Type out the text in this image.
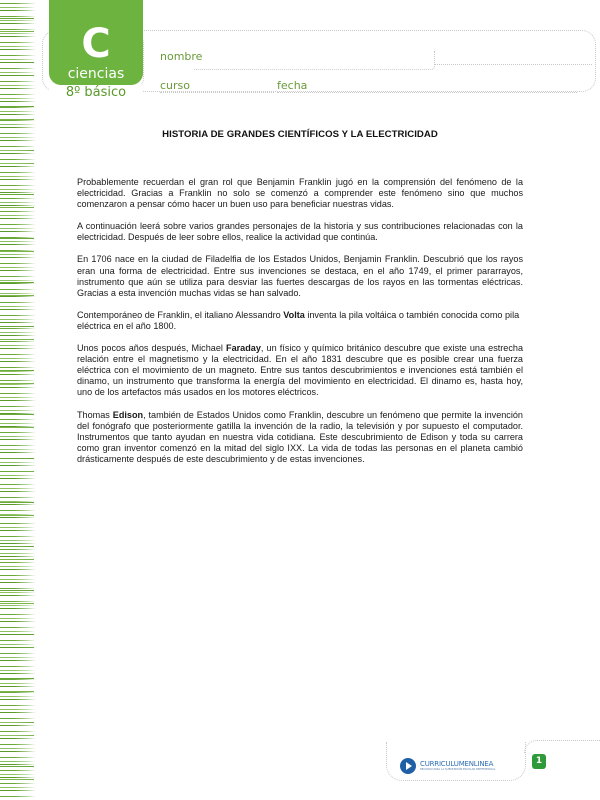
C
ciencias
8º básico
nombre
curso	fecha
HISTORIA DE GRANDES CIENTÍFICOS Y LA ELECTRICIDAD

Probablemente recuerdan el gran rol que Benjamin Franklin jugó en la comprensión del fenómeno de la electricidad. Gracias a Franklin no solo se comenzó a comprender este fenómeno sino que muchos comenzaron a pensar cómo hacer un buen uso para beneficiar nuestras vidas.

A continuación leerá sobre varios grandes personajes de la historia y sus contribuciones relacionadas con la electricidad. Después de leer sobre ellos, realice la actividad que continúa.

En 1706 nace en la ciudad de Filadelfia de los Estados Unidos, Benjamin Franklin. Descubrió que los rayos eran una forma de electricidad. Entre sus invenciones se destaca, en el año 1749, el primer pararrayos, instrumento que aún se utiliza para desviar las fuertes descargas de los rayos en las tormentas eléctricas. Gracias a esta invención muchas vidas se han salvado.

Contemporáneo de Franklin, el italiano Alessandro Volta inventa la pila voltáica o también conocida como pila eléctrica en el año 1800.

Unos pocos años después, Michael Faraday, un físico y químico británico descubre que existe una estrecha relación entre el magnetismo y la electricidad. En el año 1831 descubre que es posible crear una fuerza eléctrica con el movimiento de un magneto. Entre sus tantos descubrimientos e invenciones está también el dinamo, un instrumento que transforma la energía del movimiento en electricidad. El dinamo es, hasta hoy, uno de los artefactos más usados en los motores eléctricos.

Thomas Edison, también de Estados Unidos como Franklin, descubre un fenómeno que permite la invención del fonógrafo que posteriormente gatilla la invención de la radio, la televisión y por supuesto el computador. Instrumentos que tanto ayudan en nuestra vida cotidiana. Este descubrimiento de Edison y toda su carrera como gran inventor comenzó en la mitad del siglo IXX. La vida de todas las personas en el planeta cambió drásticamente después de este descubrimiento y de estas invenciones.

CURRICULUMENLINEA
RECURSO PARA LA SUBVENCIÓN ESCOLAR PREFERENCIAL
1
